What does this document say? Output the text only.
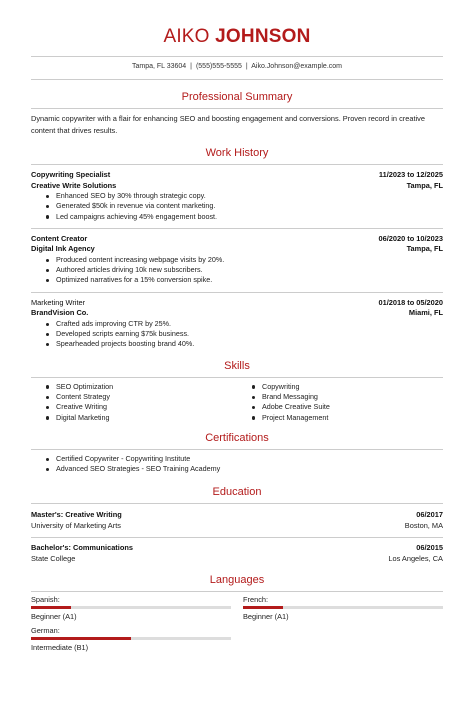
AIKO JOHNSON
Tampa, FL 33604 | (555)555-5555 | Aiko.Johnson@example.com
Professional Summary
Dynamic copywriter with a flair for enhancing SEO and boosting engagement and conversions. Proven record in creative content that drives results.
Work History
Copywriting Specialist	11/2023 to 12/2025
Creative Write Solutions	Tampa, FL
Enhanced SEO by 30% through strategic copy.
Generated $50k in revenue via content marketing.
Led campaigns achieving 45% engagement boost.
Content Creator	06/2020 to 10/2023
Digital Ink Agency	Tampa, FL
Produced content increasing webpage visits by 20%.
Authored articles driving 10k new subscribers.
Optimized narratives for a 15% conversion spike.
Marketing Writer	01/2018 to 05/2020
BrandVision Co.	Miami, FL
Crafted ads improving CTR by 25%.
Developed scripts earning $75k business.
Spearheaded projects boosting brand 40%.
Skills
SEO Optimization
Content Strategy
Creative Writing
Digital Marketing
Copywriting
Brand Messaging
Adobe Creative Suite
Project Management
Certifications
Certified Copywriter - Copywriting Institute
Advanced SEO Strategies - SEO Training Academy
Education
Master's: Creative Writing	06/2017
University of Marketing Arts	Boston, MA
Bachelor's: Communications	06/2015
State College	Los Angeles, CA
Languages
Spanish:
Beginner (A1)
French:
Beginner (A1)
German:
Intermediate (B1)
